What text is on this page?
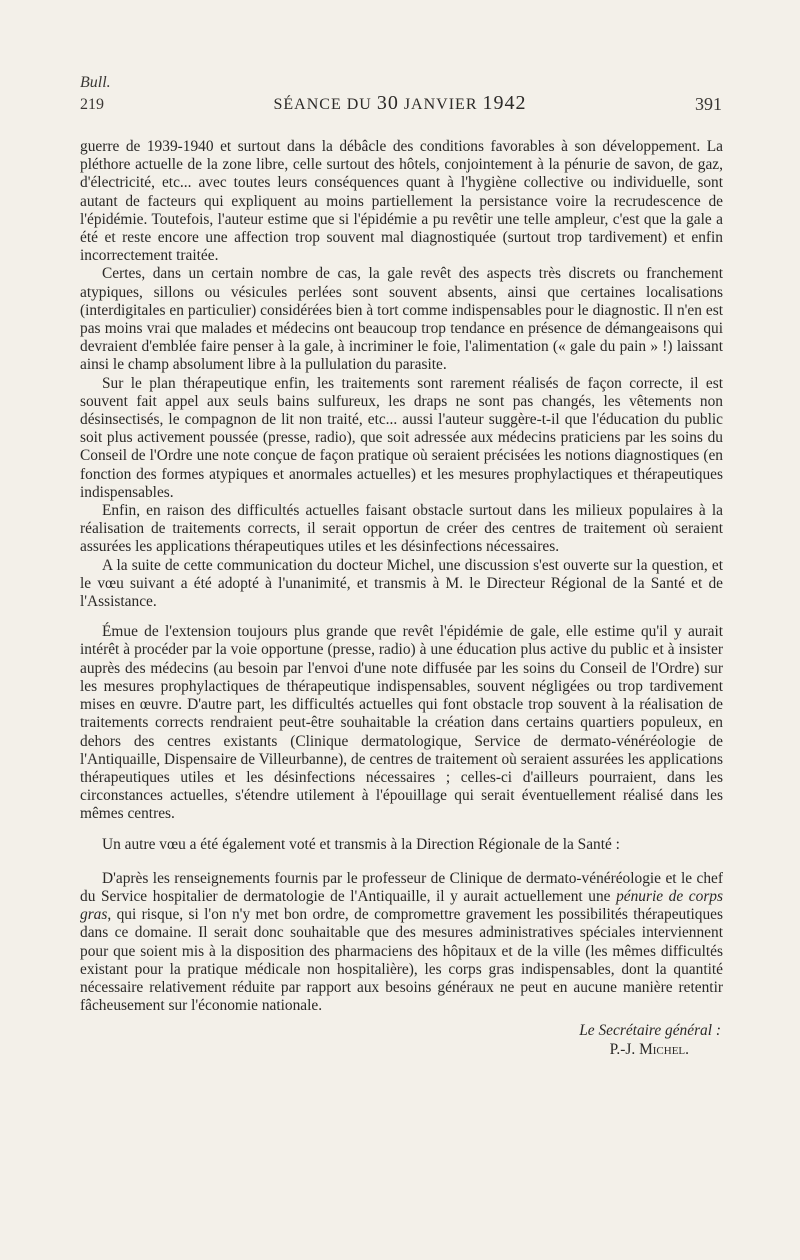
Bull.
219	SÉANCE DU 30 JANVIER 1942	391

guerre de 1939-1940 et surtout dans la débâcle des conditions favorables à son développement. La pléthore actuelle de la zone libre, celle surtout des hôtels, conjointement à la pénurie de savon, de gaz, d'électricité, etc... avec toutes leurs conséquences quant à l'hygiène collective ou individuelle, sont autant de facteurs qui expliquent au moins partiellement la persistance voire la recrudescence de l'épidémie. Toutefois, l'auteur estime que si l'épidémie a pu revêtir une telle ampleur, c'est que la gale a été et reste encore une affection trop souvent mal diagnostiquée (surtout trop tardivement) et enfin incorrectement traitée.

Certes, dans un certain nombre de cas, la gale revêt des aspects très discrets ou franchement atypiques, sillons ou vésicules perlées sont souvent absents, ainsi que certaines localisations (interdigitales en particulier) considérées bien à tort comme indispensables pour le diagnostic. Il n'en est pas moins vrai que malades et médecins ont beaucoup trop tendance en présence de démangeaisons qui devraient d'emblée faire penser à la gale, à incriminer le foie, l'alimentation (« gale du pain » !) laissant ainsi le champ absolument libre à la pullulation du parasite.

Sur le plan thérapeutique enfin, les traitements sont rarement réalisés de façon correcte, il est souvent fait appel aux seuls bains sulfureux, les draps ne sont pas changés, les vêtements non désinsectisés, le compagnon de lit non traité, etc... aussi l'auteur suggère-t-il que l'éducation du public soit plus activement poussée (presse, radio), que soit adressée aux médecins praticiens par les soins du Conseil de l'Ordre une note conçue de façon pratique où seraient précisées les notions diagnostiques (en fonction des formes atypiques et anormales actuelles) et les mesures prophylactiques et thérapeutiques indispensables.

Enfin, en raison des difficultés actuelles faisant obstacle surtout dans les milieux populaires à la réalisation de traitements corrects, il serait opportun de créer des centres de traitement où seraient assurées les applications thérapeutiques utiles et les désinfections nécessaires.

A la suite de cette communication du docteur Michel, une discussion s'est ouverte sur la question, et le vœu suivant a été adopté à l'unanimité, et transmis à M. le Directeur Régional de la Santé et de l'Assistance.

Émue de l'extension toujours plus grande que revêt l'épidémie de gale, elle estime qu'il y aurait intérêt à procéder par la voie opportune (presse, radio) à une éducation plus active du public et à insister auprès des médecins (au besoin par l'envoi d'une note diffusée par les soins du Conseil de l'Ordre) sur les mesures prophylactiques de thérapeutique indispensables, souvent négligées ou trop tardivement mises en œuvre. D'autre part, les difficultés actuelles qui font obstacle trop souvent à la réalisation de traitements corrects rendraient peut-être souhaitable la création dans certains quartiers populeux, en dehors des centres existants (Clinique dermatologique, Service de dermato-vénéréologie de l'Antiquaille, Dispensaire de Villeurbanne), de centres de traitement où seraient assurées les applications thérapeutiques utiles et les désinfections nécessaires ; celles-ci d'ailleurs pourraient, dans les circonstances actuelles, s'étendre utilement à l'épouillage qui serait éventuellement réalisé dans les mêmes centres.

Un autre vœu a été également voté et transmis à la Direction Régionale de la Santé :

D'après les renseignements fournis par le professeur de Clinique de dermato-vénéréologie et le chef du Service hospitalier de dermatologie de l'Antiquaille, il y aurait actuellement une pénurie de corps gras, qui risque, si l'on n'y met bon ordre, de compromettre gravement les possibilités thérapeutiques dans ce domaine. Il serait donc souhaitable que des mesures administratives spéciales interviennent pour que soient mis à la disposition des pharmaciens des hôpitaux et de la ville (les mêmes difficultés existant pour la pratique médicale non hospitalière), les corps gras indispensables, dont la quantité nécessaire relativement réduite par rapport aux besoins généraux ne peut en aucune manière retentir fâcheusement sur l'économie nationale.

Le Secrétaire général :
P.-J. Michel.
